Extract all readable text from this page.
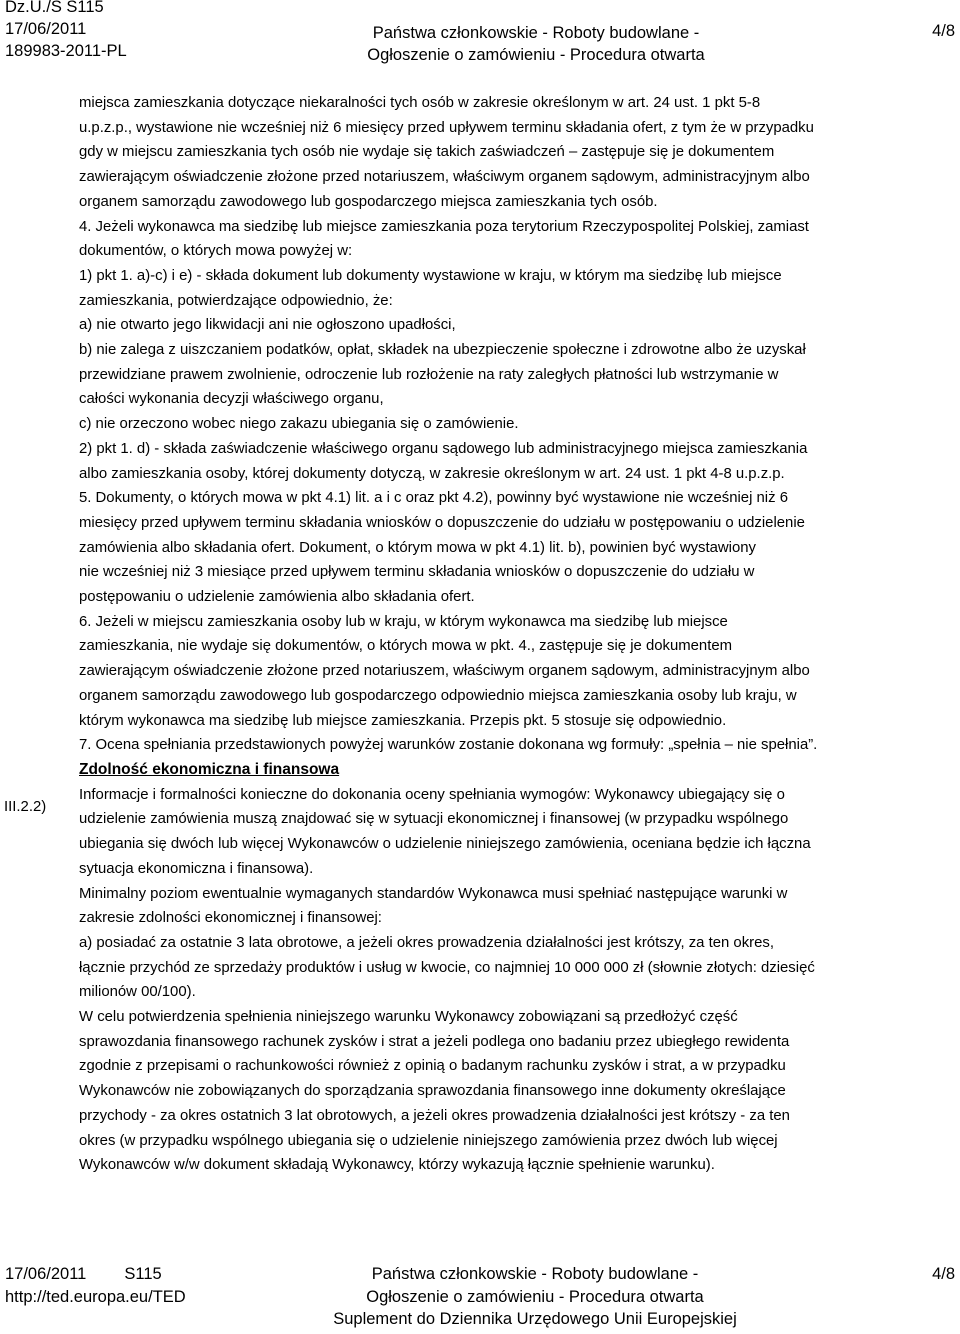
Dz.U./S S115
17/06/2011
189983-2011-PL
Państwa członkowskie - Roboty budowlane -
Ogłoszenie o zamówieniu - Procedura otwarta
4/8
III.2.2)

miejsca zamieszkania dotyczące niekaralności tych osób w zakresie określonym w art. 24 ust. 1 pkt 5-8

u.p.z.p., wystawione nie wcześniej niż 6 miesięcy przed upływem terminu składania ofert, z tym że w przypadku

gdy w miejscu zamieszkania tych osób nie wydaje się takich zaświadczeń – zastępuje się je dokumentem

zawierającym oświadczenie złożone przed notariuszem, właściwym organem sądowym, administracyjnym albo

organem samorządu zawodowego lub gospodarczego miejsca zamieszkania tych osób.

4. Jeżeli wykonawca ma siedzibę lub miejsce zamieszkania poza terytorium Rzeczypospolitej Polskiej, zamiast

dokumentów, o których mowa powyżej w:

1) pkt 1. a)-c) i e) - składa dokument lub dokumenty wystawione w kraju, w którym ma siedzibę lub miejsce

zamieszkania, potwierdzające odpowiednio, że:

a) nie otwarto jego likwidacji ani nie ogłoszono upadłości,

b) nie zalega z uiszczaniem podatków, opłat, składek na ubezpieczenie społeczne i zdrowotne albo że uzyskał

przewidziane prawem zwolnienie, odroczenie lub rozłożenie na raty zaległych płatności lub wstrzymanie w

całości wykonania decyzji właściwego organu,

c) nie orzeczono wobec niego zakazu ubiegania się o zamówienie.

2) pkt 1. d) - składa zaświadczenie właściwego organu sądowego lub administracyjnego miejsca zamieszkania

albo zamieszkania osoby, której dokumenty dotyczą, w zakresie określonym w art. 24 ust. 1 pkt 4-8 u.p.z.p.

5. Dokumenty, o których mowa w pkt 4.1) lit. a i c oraz pkt 4.2), powinny być wystawione nie wcześniej niż 6

miesięcy przed upływem terminu składania wniosków o dopuszczenie do udziału w postępowaniu o udzielenie

zamówienia albo składania ofert. Dokument, o którym mowa w pkt 4.1) lit. b), powinien być wystawiony

nie wcześniej niż 3 miesiące przed upływem terminu składania wniosków o dopuszczenie do udziału w

postępowaniu o udzielenie zamówienia albo składania ofert.

6. Jeżeli w miejscu zamieszkania osoby lub w kraju, w którym wykonawca ma siedzibę lub miejsce

zamieszkania, nie wydaje się dokumentów, o których mowa w pkt. 4., zastępuje się je dokumentem

zawierającym oświadczenie złożone przed notariuszem, właściwym organem sądowym, administracyjnym albo

organem samorządu zawodowego lub gospodarczego odpowiednio miejsca zamieszkania osoby lub kraju, w

którym wykonawca ma siedzibę lub miejsce zamieszkania. Przepis pkt. 5 stosuje się odpowiednio.

7. Ocena spełniania przedstawionych powyżej warunków zostanie dokonana wg formuły: „spełnia – nie spełnia”.

Zdolność ekonomiczna i finansowa

Informacje i formalności konieczne do dokonania oceny spełniania wymogów: Wykonawcy ubiegający się o

udzielenie zamówienia muszą znajdować się w sytuacji ekonomicznej i finansowej (w przypadku wspólnego

ubiegania się dwóch lub więcej Wykonawców o udzielenie niniejszego zamówienia, oceniana będzie ich łączna

sytuacja ekonomiczna i finansowa).

Minimalny poziom ewentualnie wymaganych standardów Wykonawca musi spełniać następujące warunki w

zakresie zdolności ekonomicznej i finansowej:

a) posiadać za ostatnie 3 lata obrotowe, a jeżeli okres prowadzenia działalności jest krótszy, za ten okres,

łącznie przychód ze sprzedaży produktów i usług w kwocie, co najmniej 10 000 000 zł (słownie złotych: dziesięć

milionów 00/100).

W celu potwierdzenia spełnienia niniejszego warunku Wykonawcy zobowiązani są przedłożyć część

sprawozdania finansowego rachunek zysków i strat a jeżeli podlega ono badaniu przez ubiegłego rewidenta

zgodnie z przepisami o rachunkowości również z opinią o badanym rachunku zysków i strat, a w przypadku

Wykonawców nie zobowiązanych do sporządzania sprawozdania finansowego inne dokumenty określające

przychody - za okres ostatnich 3 lat obrotowych, a jeżeli okres prowadzenia działalności jest krótszy - za ten

okres (w przypadku wspólnego ubiegania się o udzielenie niniejszego zamówienia przez dwóch lub więcej

Wykonawców w/w dokument składają Wykonawcy, którzy wykazują łącznie spełnienie warunku).

17/06/2011 S115
http://ted.europa.eu/TED
Państwa członkowskie - Roboty budowlane -
Ogłoszenie o zamówieniu - Procedura otwarta
Suplement do Dziennika Urzędowego Unii Europejskiej
4/8
